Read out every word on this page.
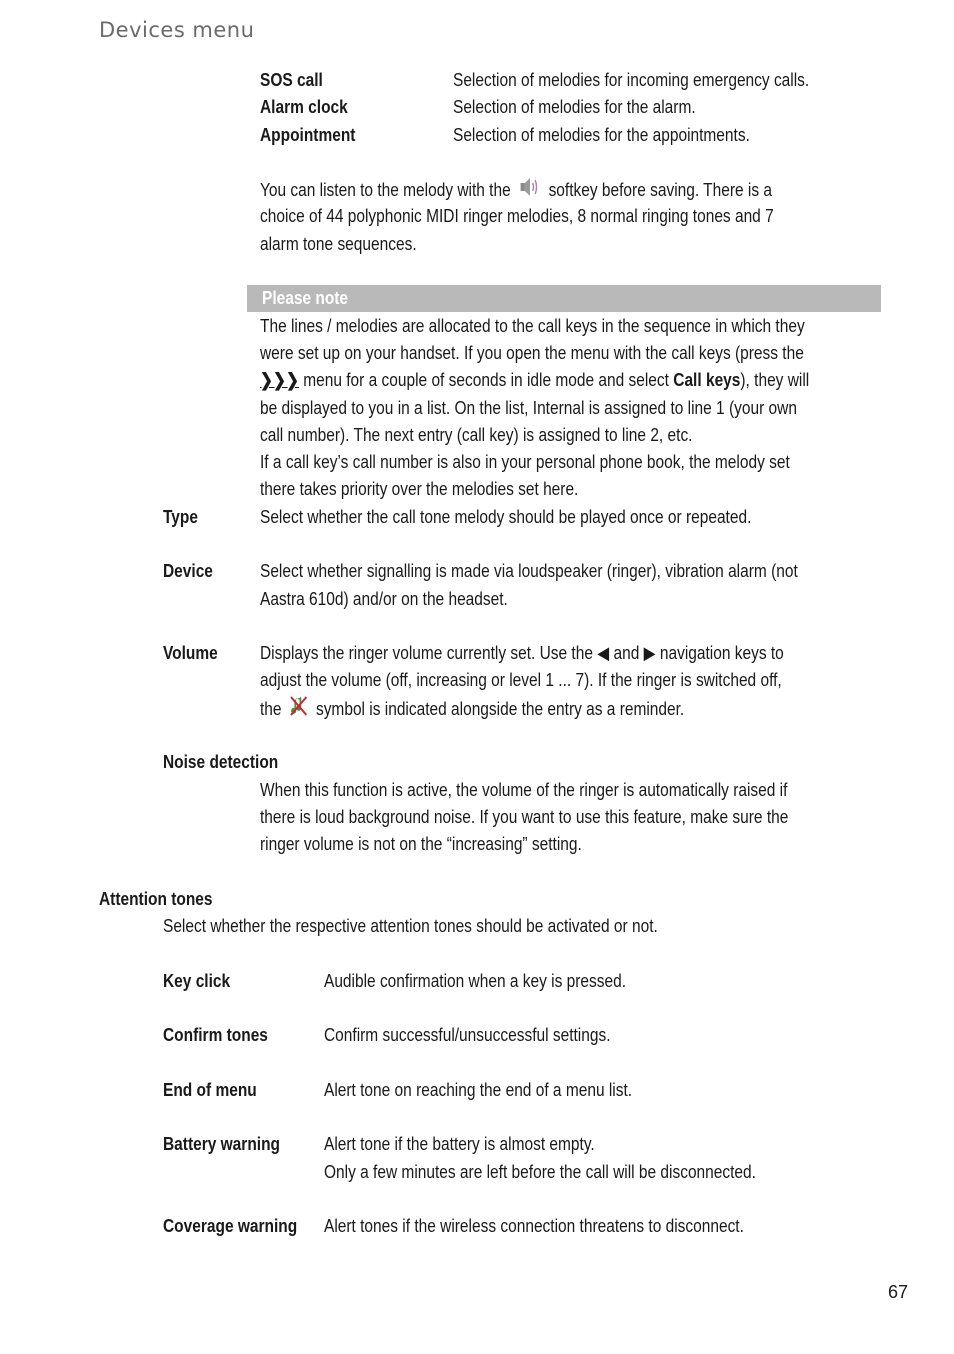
Devices menu
SOS call	Selection of melodies for incoming emergency calls.
Alarm clock	Selection of melodies for the alarm.
Appointment	Selection of melodies for the appointments.
You can listen to the melody with the softkey before saving. There is a
choice of 44 polyphonic MIDI ringer melodies, 8 normal ringing tones and 7
alarm tone sequences.
Please note
The lines / melodies are allocated to the call keys in the sequence in which they
were set up on your handset. If you open the menu with the call keys (press the
❯❯❯ menu for a couple of seconds in idle mode and select Call keys), they will
be displayed to you in a list. On the list, Internal is assigned to line 1 (your own
call number). The next entry (call key) is assigned to line 2, etc.
If a call key’s call number is also in your personal phone book, the melody set
there takes priority over the melodies set here.
Type	Select whether the call tone melody should be played once or repeated.
Device	Select whether signalling is made via loudspeaker (ringer), vibration alarm (not
Aastra 610d) and/or on the headset.
Volume Displays the ringer volume currently set. Use the ◀ and ▶ navigation keys to
adjust the volume (off, increasing or level 1 ... 7). If the ringer is switched off,
the symbol is indicated alongside the entry as a reminder.
Noise detection
When this function is active, the volume of the ringer is automatically raised if
there is loud background noise. If you want to use this feature, make sure the
ringer volume is not on the “increasing” setting.
Attention tones
Select whether the respective attention tones should be activated or not.
Key click	Audible confirmation when a key is pressed.
Confirm tones	Confirm successful/unsuccessful settings.
End of menu	Alert tone on reaching the end of a menu list.
Battery warning Alert tone if the battery is almost empty.
Only a few minutes are left before the call will be disconnected.
Coverage warning Alert tones if the wireless connection threatens to disconnect.
67
